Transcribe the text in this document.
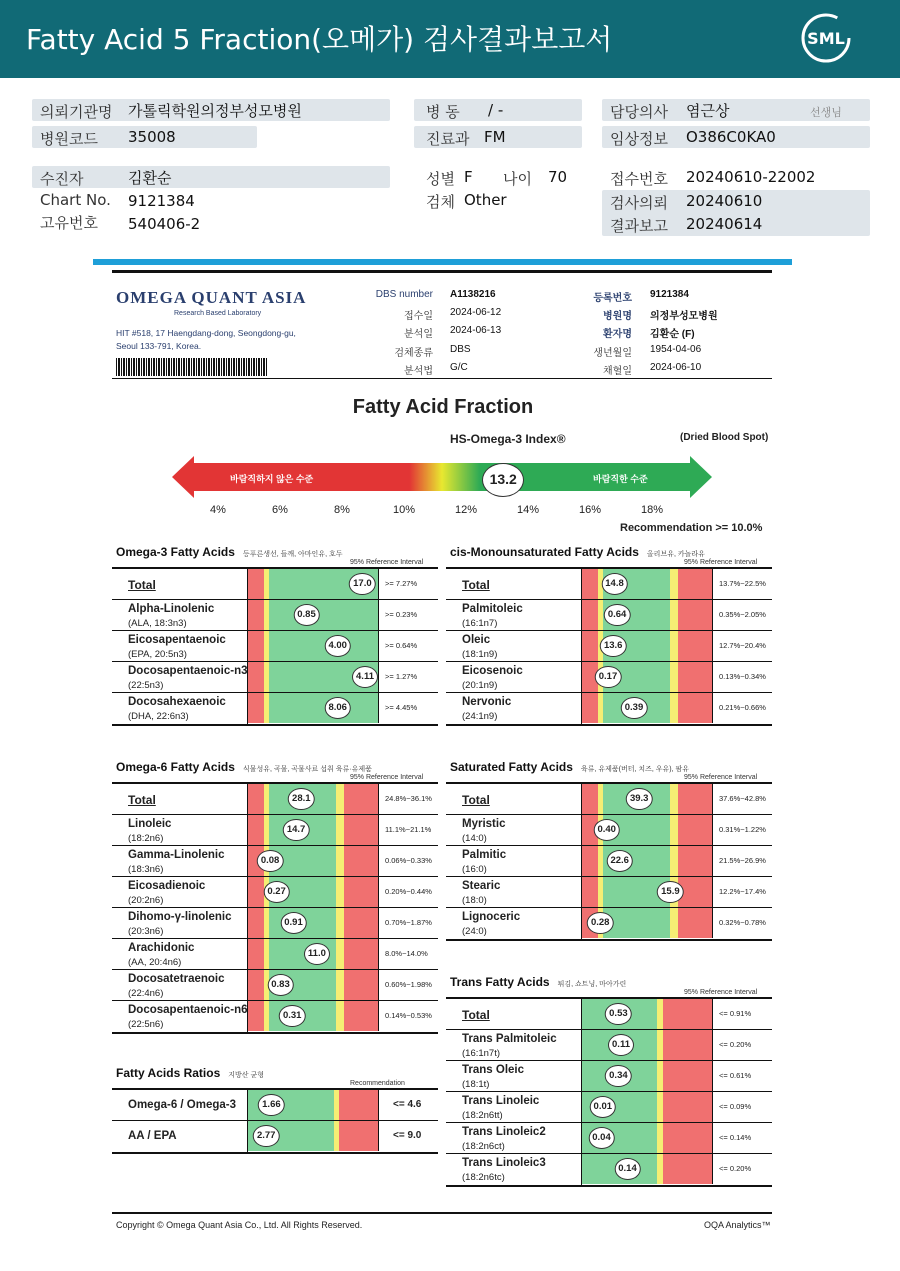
Fatty Acid 5 Fraction(오메가) 검사결과보고서	SML
의뢰기관명 가톨릭학원의정부성모병원
병원코드 35008
병 동 / -
진료과 FM
담당의사 염근상	선생님
임상정보 O386C0KA0
수진자	김환순
Chart No. 9121384
고유번호 540406-2
성별 F 나이 70
검체 Other
접수번호 20240610-22002
검사의뢰 20240610
결과보고 20240614
OMEGA QUANT ASIA
Research Based Laboratory
HIT #518, 17 Haengdang-dong, Seongdong-gu,
Seoul 133-791, Korea.
DBS number A1138216
접수일 2024-06-12
분석일 2024-06-13
검체종류 DBS
분석법 G/C
등록번호 9121384
병원명 의정부성모병원
환자명 김환순 (F)
생년월일 1954-04-06
채혈일 2024-06-10
Fatty Acid Fraction
HS-Omega-3 Index®	(Dried Blood Spot)
바람직하지 않은 수준	바람직한 수준
13.2
4%	6%	8%	10%	12%	14%	16%	18%
Recommendation >= 10.0%
Omega-3 Fatty Acids 등푸른생선, 들깨, 아마인유, 호두
95% Reference Interval
Total	17.0	>= 7.27%
Alpha-Linolenic
(ALA, 18:3n3)
0.85	>= 0.23%
Eicosapentaenoic
(EPA, 20:5n3)
4.00	>= 0.64%
Docosapentaenoic-n3
(22:5n3)
4.11	>= 1.27%
Docosahexaenoic
(DHA, 22:6n3)
8.06	>= 4.45%
cis-Monounsaturated Fatty Acids 올리브유, 카놀라유
95% Reference Interval
Total	14.8	13.7%~22.5%
Palmitoleic
(16:1n7)
0.64	0.35%~2.05%
Oleic
(18:1n9)
13.6	12.7%~20.4%
Eicosenoic
(20:1n9)
0.17	0.13%~0.34%
Nervonic
(24:1n9)
0.39	0.21%~0.66%
Omega-6 Fatty Acids 식물성유, 곡물, 곡물사료 섭취 육류·유제품
95% Reference Interval
Total	28.1	24.8%~36.1%
Linoleic
(18:2n6)
14.7	11.1%~21.1%
Gamma-Linolenic
(18:3n6)
0.08	0.06%~0.33%
Eicosadienoic
(20:2n6)
0.27	0.20%~0.44%
Dihomo-γ-linolenic
(20:3n6)
0.91	0.70%~1.87%
Arachidonic
(AA, 20:4n6)
11.0	8.0%~14.0%
Docosatetraenoic
(22:4n6)
0.83	0.60%~1.98%
Docosapentaenoic-n6
(22:5n6)
0.31	0.14%~0.53%
Saturated Fatty Acids 육류, 유제품(버터, 치즈, 우유), 팜유
95% Reference Interval
Total	39.3	37.6%~42.8%
Myristic
(14:0)
0.40	0.31%~1.22%
Palmitic
(16:0)
22.6	21.5%~26.9%
Stearic
(18:0)
15.9	12.2%~17.4%
Lignoceric
(24:0)
0.28	0.32%~0.78%
Trans Fatty Acids 튀김, 쇼트닝, 마아가린
95% Reference Interval
Total	0.53	<= 0.91%
Trans Palmitoleic
(16:1n7t)
0.11	<= 0.20%
Trans Oleic
(18:1t)
0.34	<= 0.61%
Trans Linoleic
(18:2n6tt)
0.01	<= 0.09%
Trans Linoleic2
(18:2n6ct)
0.04	<= 0.14%
Trans Linoleic3
(18:2n6tc)
0.14	<= 0.20%
Fatty Acids Ratios 지방산 균형
Recommendation
Omega-6 / Omega-3	1.66	<= 4.6
AA / EPA	2.77	<= 9.0
Copyright © Omega Quant Asia Co., Ltd. All Rights Reserved.	OQA Analytics™
